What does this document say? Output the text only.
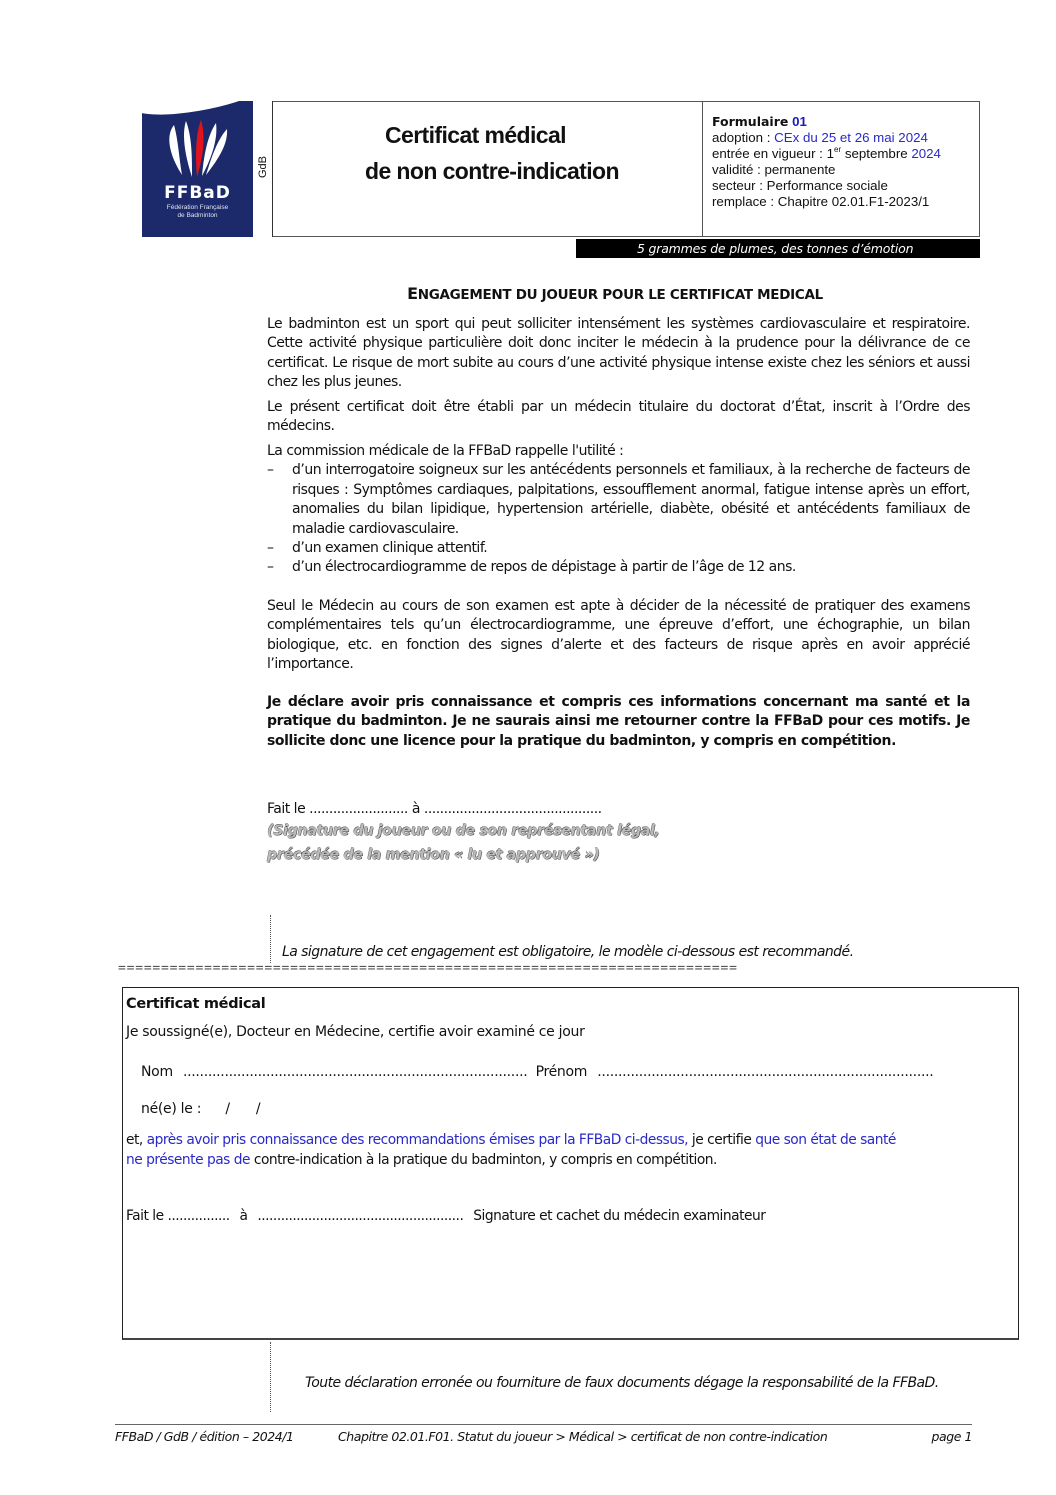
FFBaD
Fédération Française
de Badminton
GdB
Certificat médical
de non contre-indication
Formulaire 01
adoption : CEx du 25 et 26 mai 2024
entrée en vigueur : 1er septembre 2024
validité : permanente
secteur : Performance sociale
remplace : Chapitre 02.01.F1-2023/1
5 grammes de plumes, des tonnes d’émotion
ENGAGEMENT DU JOUEUR POUR LE CERTIFICAT MEDICAL
Le badminton est un sport qui peut solliciter intensément les systèmes cardiovasculaire et respiratoire. Cette activité physique particulière doit donc inciter le médecin à la prudence pour la délivrance de ce certificat. Le risque de mort subite au cours d’une activité physique intense existe chez les séniors et aussi chez les plus jeunes.
Le présent certificat doit être établi par un médecin titulaire du doctorat d’État, inscrit à l’Ordre des médecins.
La commission médicale de la FFBaD rappelle l'utilité :
– d’un interrogatoire soigneux sur les antécédents personnels et familiaux, à la recherche de facteurs de risques : Symptômes cardiaques, palpitations, essoufflement anormal, fatigue intense après un effort, anomalies du bilan lipidique, hypertension artérielle, diabète, obésité et antécédents familiaux de maladie cardiovasculaire.
– d’un examen clinique attentif.
– d’un électrocardiogramme de repos de dépistage à partir de l’âge de 12 ans.
Seul le Médecin au cours de son examen est apte à décider de la nécessité de pratiquer des examens complémentaires tels qu’un électrocardiogramme, une épreuve d’effort, une échographie, un bilan biologique, etc. en fonction des signes d’alerte et des facteurs de risque après en avoir apprécié l’importance.
Je déclare avoir pris connaissance et compris ces informations concernant ma santé et la pratique du badminton. Je ne saurais ainsi me retourner contre la FFBaD pour ces motifs. Je sollicite donc une licence pour la pratique du badminton, y compris en compétition.
Fait le ......................... à .............................................
(Signature du joueur ou de son représentant légal,
précédée de la mention « lu et approuvé »)
La signature de cet engagement est obligatoire, le modèle ci-dessous est recommandé.
========================================================================
Certificat médical
Je soussigné(e), Docteur en Médecine, certifie avoir examiné ce jour
Nom ................................................................................... Prénom .................................................................................
né(e) le : / /
et, après avoir pris connaissance des recommandations émises par la FFBaD ci-dessus, je certifie que son état de santé
ne présente pas de contre-indication à la pratique du badminton, y compris en compétition.
Fait le ................ à ..................................................... Signature et cachet du médecin examinateur
Toute déclaration erronée ou fourniture de faux documents dégage la responsabilité de la FFBaD.
FFBaD / GdB / édition – 2024/1	Chapitre 02.01.F01. Statut du joueur > Médical > certificat de non contre-indication	page 1
